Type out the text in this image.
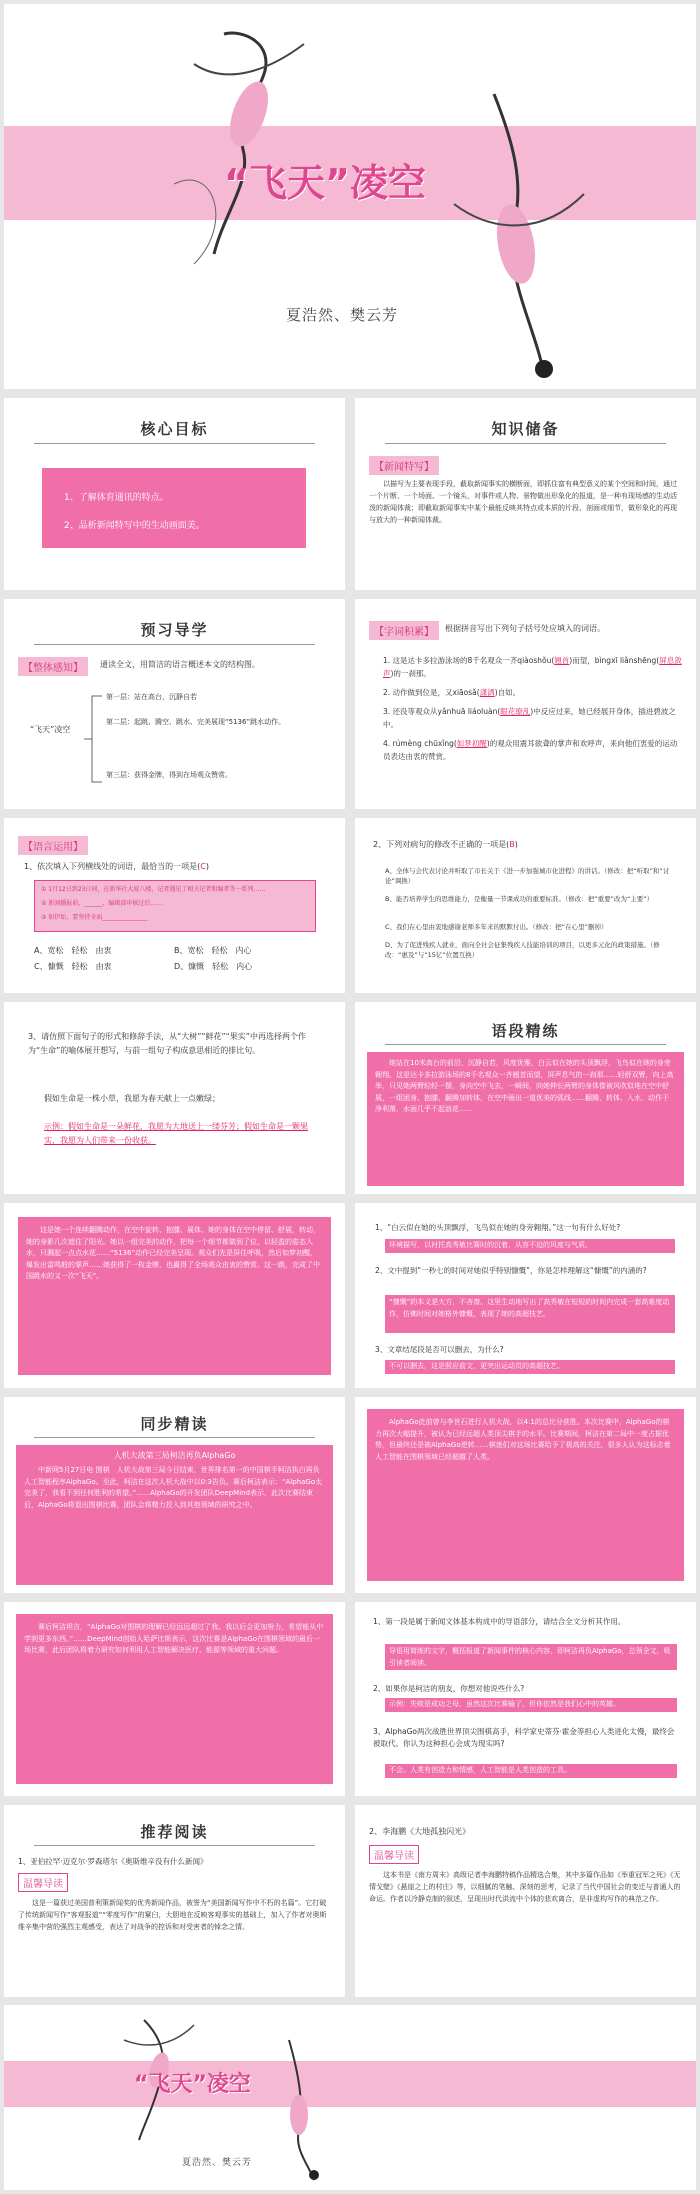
“飞天”凌空
夏浩然、樊云芳
核心目标
1、了解体育通讯的特点。
2、品析新闻特写中的生动画面美。
知识储备
【新闻特写】
以描写为主要表现手段，截取新闻事实的横断面，即抓住富有典型意义的某个空间和时间，通过一个片断、一个场面、一个镜头，对事件或人物、景物做出形象化的报道，是一种有现场感的生动活泼的新闻体裁；即截取新闻事实中某个最能反映其特点或本质的片段、剖面或细节，做形象化的再现与放大的一种新闻体裁。
预习导学
【整体感知】	通读全文，用简洁的语言概述本文的结构图。
“飞天”凌空
第一层：站在高台，沉静自若
第二层：起跳、腾空、跳水、完美展现“5136”跳水动作。
第三层：获得金牌，得到在场观众赞赏。
【字词积累】	根据拼音写出下列句子括号处应填入的词语。
1. 这是达卡多拉游泳场的8千名观众一齐qiàoshǒu(翘首)而望，bìngxī liǎnshēng(屏息敛声)的一刹那。
2. 动作做到位是，又xiāosǎ(潇洒)自如。
3. 还没等观众从yǎnhuā liáoluàn(眼花缭乱)中反应过来，她已经展开身体，插进碧波之中。
4. rúmèng chūxǐng(如梦初醒)的观众用震耳欲聋的掌声和欢呼声，来向他们衷爱的运动员表达由衷的赞赏。
【语言运用】
1、依次填入下列横线处的词语，最恰当的一项是(C)
① 1月12日到23日间，在新华社大厦八楼，记者遇见了相关记者和编者等一系列……
② 新闻播报前，______，编辑部审核过后……
③ 如伊始，要坚持全面_______________
A、宽松　轻松　由衷	B、宽松　轻松　内心
C、慷慨　轻松　由衷	D、慷慨　轻松　内心
2、下列对病句的修改不正确的一项是(B)
A、全体与会代表讨论并听取了市长关于《进一步加强城市化进程》的讲话。（修改：把“听取”和“讨论”调换）
B、能否培养学生的思维能力，是衡量一节课成功的重要标准。（修改：把“重要”改为“主要”）
C、我们在心里由衷地感谢老师多年来的默默付出。（修改：把“在心里”删掉）
D、为了促进残疾人就业，面向全社会征集残疾人技能培训的项目，以更多元化的政策措施。（修改：“惠及”与“15亿”位置互换）
3、请仿照下面句子的形式和修辞手法，从“大树”“鲜花”“果实”中再选择两个作为“生命”的喻体展开想写，与前一组句子构成意思相近的排比句。
假如生命是一株小草，我愿为春天献上一点嫩绿；
示例：假如生命是一朵鲜花，我愿为大地送上一缕芬芳；假如生命是一颗果实，我愿为人们带来一份收获。
语段精练
她站在10米高台的前沿，沉静自若，风度优雅，白云似在她的头顶飘浮，飞鸟似在她的身旁翱翔。这是达卡多拉游泳场的8千名观众一齐翘首而望，屏声息气的一刹那……轻舒双臂，向上高举，只见她两臂轻轻一摆，身向空中飞去，一瞬间，向她伸长两臂的身体像被风吹似地在空中舒展，一组团身、抱膝、翻腾加转体，在空中画出一道优美的弧线……翻腾、转体、入水，动作干净利落，水面几乎不起浪花……
这是她一个连续翻腾动作，在空中旋转、抱膝、展体。她的身体在空中停留、舒展，转动，她的身影几次遮住了阳光。她以一组完美的动作，把每一个细节都做到了位，以轻盈的姿态入水，只溅起一点点水花……“5136”动作已经完美呈现。观众们先是屏住呼吸，然后如梦初醒，爆发出雷鸣般的掌声……她获得了一枚金牌，也赢得了全场观众由衷的赞赏。这一跳，完成了中国跳水的又一次“飞天”。
1、“白云似在她的头顶飘浮，飞鸟似在她的身旁翱翔。”这一句有什么好处?
环境描写，以衬托高秀敏比赛时的沉着，从容不迫的风度与气质。
2、文中提到“一秒七的时间对她似乎特别慷慨”，你是怎样理解这“慷慨”的内涵的?
“慷慨”的本义是大方，不吝啬。这里生动地写出了高秀敏在短短的时间内完成一套高难度动作，仿佛时间对她格外慷慨，表现了她的高超技艺。
3、文章结尾段是否可以删去，为什么?
不可以删去，这是照应前文，更突出运动员的高超技艺。
同步精读
人机大战第三局柯洁再负AlphaGo
中新网5月27日电 围棋　人机大战第三局今日结束，世界排名第一的中国棋手柯洁执白再负人工智能程序AlphaGo。至此，柯洁在这次人机大战中以0:3告负。赛后柯洁表示：“AlphaGo太完美了，我看不到任何胜利的希望。”……AlphaGo的开发团队DeepMind表示，此次比赛结束后，AlphaGo将退出围棋比赛，团队会将精力投入到其他领域的研究之中。
AlphaGo此前曾与李世石进行人机大战，以4:1的总比分获胜。本次比赛中，AlphaGo的棋力再次大幅提升，被认为已经远超人类顶尖棋手的水平。比赛期间，柯洁在第二局中一度占据优势，但最终还是被AlphaGo逆转……棋迷们对这场比赛给予了极高的关注，很多人认为这标志着人工智能在围棋领域已经超越了人类。
赛后柯洁坦言，“AlphaGo对围棋的理解已经远远超过了我。我以后会更加努力，希望能从中学到更多东西。”……DeepMind创始人哈萨比斯表示，这次比赛是AlphaGo在围棋领域的最后一场比赛，此后团队将着力研究如何利用人工智能解决医疗、能源等领域的重大问题。
1、第一段是属于新闻文体基本构成中的导语部分，请结合全文分析其作用。
导语用简练的文字，概括报道了新闻事件的核心内容，即柯洁再负AlphaGo，总领全文，吸引读者阅读。
2、如果你是柯洁的朋友，你想对他说些什么?
示例：失败是成功之母，虽然这次比赛输了，但你依然是我们心中的英雄。
3、AlphaGo两次战胜世界顶尖围棋高手，科学家史蒂芬·霍金等担心人类进化太慢，最终会被取代。你认为这种担心会成为现实吗?
不会。人类有创造力和情感，人工智能是人类创造的工具。
推荐阅读
1、亚伯拉罕·迈克尔·罗森塔尔《奥斯维辛没有什么新闻》
温馨导读
这是一篇获过美国普利策新闻奖的优秀新闻作品，被誉为“美国新闻写作中不朽的名篇”。它打破了传统新闻写作“客观报道”“零度写作”的窠臼，大胆地在反映客观事实的基础上，加入了作者对奥斯维辛集中营的强烈主观感受，表达了对战争的控诉和对受害者的悼念之情。
2、李海鹏《大地孤独闪光》
温馨导读
这本书是《南方周末》高级记者李海鹏特稿作品精选合集，其中多篇作品如《举重冠军之死》《无情戈壁》《悬崖之上的村庄》等，以细腻的笔触、深刻的思考，记录了当代中国社会的变迁与普通人的命运。作者以冷静克制的叙述，呈现出时代洪流中个体的悲欢离合，是非虚构写作的典范之作。
“飞天”凌空
夏浩然、樊云芳
